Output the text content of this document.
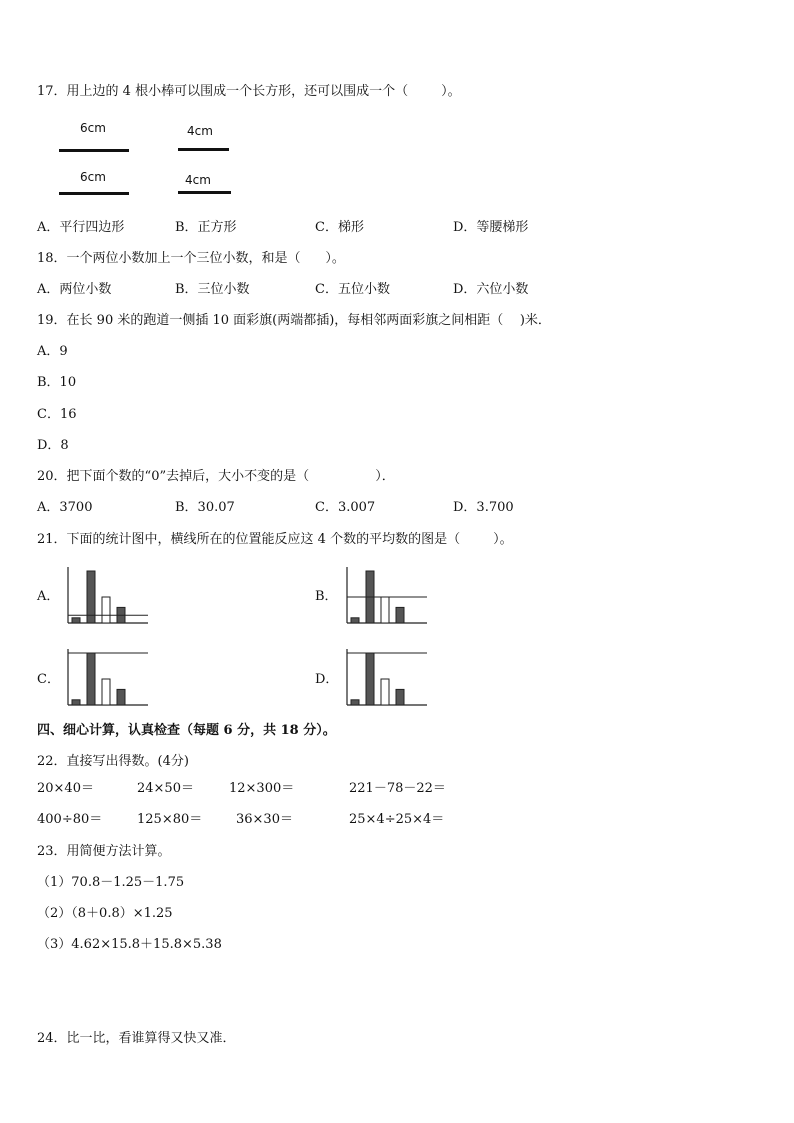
17．用上边的 4 根小棒可以围成一个长方形，还可以围成一个（        ）。
6cm
6cm
4cm
4cm
A．平行四边形	B．正方形	C．梯形	D．等腰梯形
18．一个两位小数加上一个三位小数，和是（      ）。
A．两位小数	B．三位小数	C．五位小数	D．六位小数
19．在长 90 米的跑道一侧插 10 面彩旗(两端都插)，每相邻两面彩旗之间相距（    )米．
A．9
B．10
C．16
D．8
20．把下面个数的“0”去掉后，大小不变的是（                ）．
A．3700	B．30.07	C．3.007	D．3.700
21．下面的统计图中，横线所在的位置能反应这 4 个数的平均数的图是（        ）。
A．	B．
C．	D．
四、细心计算，认真检查（每题 6 分，共 18 分）。
22．直接写出得数。(4分)
20×40＝	24×50＝	12×300＝	221－78－22＝
400÷80＝	125×80＝	36×30＝	25×4÷25×4＝
23．用简便方法计算。
（1）70.8－1.25－1.75
（2）（8＋0.8）×1.25
（3）4.62×15.8＋15.8×5.38
24．比一比，看谁算得又快又准．
